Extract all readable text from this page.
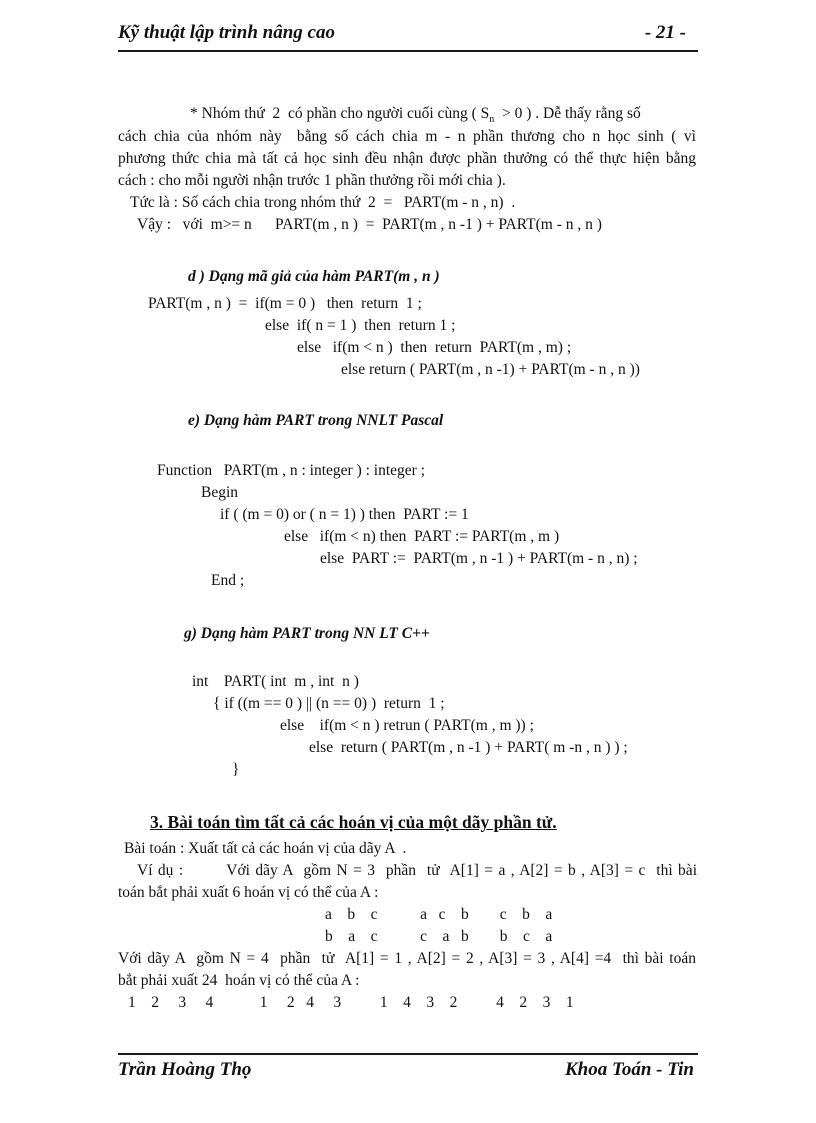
Kỹ thuật lập trình nâng cao	- 21 -
* Nhóm thứ  2  có phần cho người cuối cùng ( $S_n > 0$ ) . Dễ thấy rằng số
cách chia của nhóm này  bằng số cách chia m - n phần thương cho n học sinh ( vì
phương thức chia mà tất cả học sinh đều nhận được phần thưởng có thể thực hiện bằng
cách : cho mỗi người nhận trước 1 phần thưởng rồi mới chia ).
Tức là : Số cách chia trong nhóm thứ  2  =   PART(m - n , n)  .
Vậy :   với  m>= n      PART(m , n )  =  PART(m , n -1 ) + PART(m - n , n )
d ) Dạng mã giả của hàm PART(m , n )
PART(m , n )  =  if(m = 0 )   then  return  1 ;
else  if( n = 1 )  then  return 1 ;
else   if(m < n )  then  return  PART(m , m) ;
else return ( PART(m , n -1) + PART(m - n , n ))
e) Dạng hàm PART trong NNLT Pascal
Function   PART(m , n : integer ) : integer ;
Begin
if ( (m = 0) or ( n = 1) ) then  PART := 1
else   if(m < n) then  PART := PART(m , m )
else  PART :=  PART(m , n -1 ) + PART(m - n , n) ;
End ;
g) Dạng hàm PART trong NN LT C++
int    PART( int  m , int  n )
{ if ((m == 0 ) || (n == 0) )  return  1 ;
else    if(m < n ) retrun ( PART(m , m )) ;
else  return ( PART(m , n -1 ) + PART( m -n , n ) ) ;
}
3. Bài toán tìm tất cả các hoán vị của một dãy phần tử.
Bài toán : Xuất tất cả các hoán vị của dãy A  .
Ví dụ :        Với dãy A  gồm N = 3  phần  tử  A[1] = a , A[2] = b , A[3] = c  thì bài
toán bắt phải xuất 6 hoán vị có thể của A :
a    b    c           a   c    b        c    b    a
b    a    c           c    a   b        b    c    a
Với dãy A  gồm N = 4  phần  tử  A[1] = 1 , A[2] = 2 , A[3] = 3 , A[4] =4  thì bài toán
bắt phải xuất 24  hoán vị có thể của A :
1    2     3     4            1     2   4     3          1    4    3    2          4    2    3    1
Trần Hoàng Thọ	Khoa Toán - Tin
